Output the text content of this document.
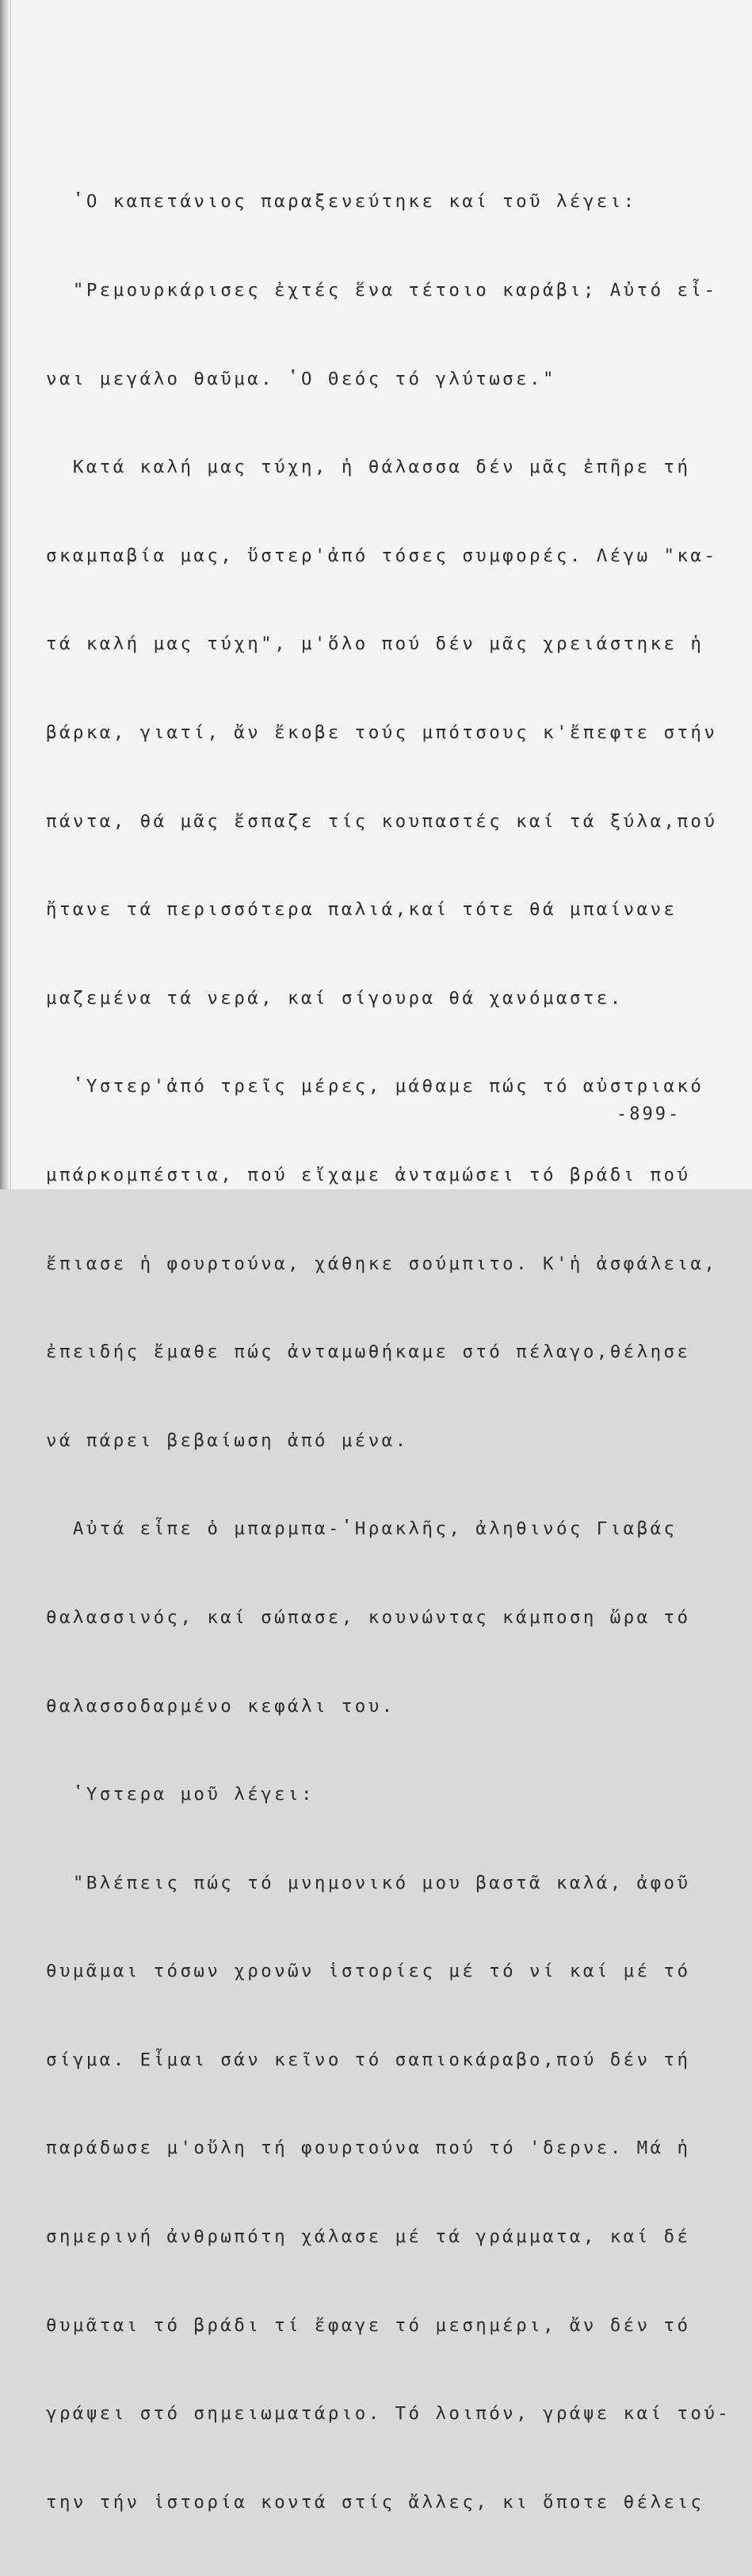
ʽΟ καπετάνιος παραξενεύτηκε καί τοῦ λέγει:

"Ρεμουρκάρισες ἐχτές ἕνα τέτοιο καράβι; Αὐτό εἶ-

ναι μεγάλο θαῦμα. ʽΟ Θεός τό γλύτωσε."

Κατά καλή μας τύχη, ἡ θάλασσα δέν μᾶς ἐπῆρε τή

σκαμπαβία μας, ὕστερ'ἀπό τόσες συμφορές. Λέγω "κα-

τά καλή μας τύχη", μ'ὅλο πού δέν μᾶς χρειάστηκε ἡ

βάρκα, γιατί, ἄν ἔκοβε τούς μπότσους κ'ἔπεφτε στήν

πάντα, θά μᾶς ἔσπαζε τίς κουπαστές καί τά ξύλα,πού

ἤτανε τά περισσότερα παλιά,καί τότε θά μπαίνανε

μαζεμένα τά νερά, καί σίγουρα θά χανόμαστε.

ʽΥστερ'ἀπό τρεῖς μέρες, μάθαμε πώς τό αὐστριακό

μπάρκομπέστια, πού εἴχαμε ἀνταμώσει τό βράδι πού

ἔπιασε ἡ φουρτούνα, χάθηκε σούμπιτο. Κ'ἡ ἀσφάλεια,

ἐπειδής ἔμαθε πώς ἀνταμωθήκαμε στό πέλαγο,θέλησε

νά πάρει βεβαίωση ἀπό μένα.

Αὐτά εἶπε ὁ μπαρμπα-ʽΗρακλῆς, ἀληθινός Γιαβάς

θαλασσινός, καί σώπασε, κουνώντας κάμποση ὥρα τό

θαλασσοδαρμένο κεφάλι του.

ʽΥστερα μοῦ λέγει:

"Βλέπεις πώς τό μνημονικό μου βαστᾶ καλά, ἀφοῦ

θυμᾶμαι τόσων χρονῶν ἱστορίες μέ τό νί καί μέ τό

σίγμα. Εἶμαι σάν κεῖνο τό σαπιοκάραβο,πού δέν τή

παράδωσε μ'οὔλη τή φουρτούνα πού τό 'δερνε. Μά ἡ

σημερινή ἀνθρωπότη χάλασε μέ τά γράμματα, καί δέ

θυμᾶται τό βράδι τί ἔφαγε τό μεσημέρι, ἄν δέν τό

γράψει στό σημειωματάριο. Τό λοιπόν, γράψε καί τού-

την τήν ἱστορία κοντά στίς ἄλλες, κι ὅποτε θέλεις

-899-
